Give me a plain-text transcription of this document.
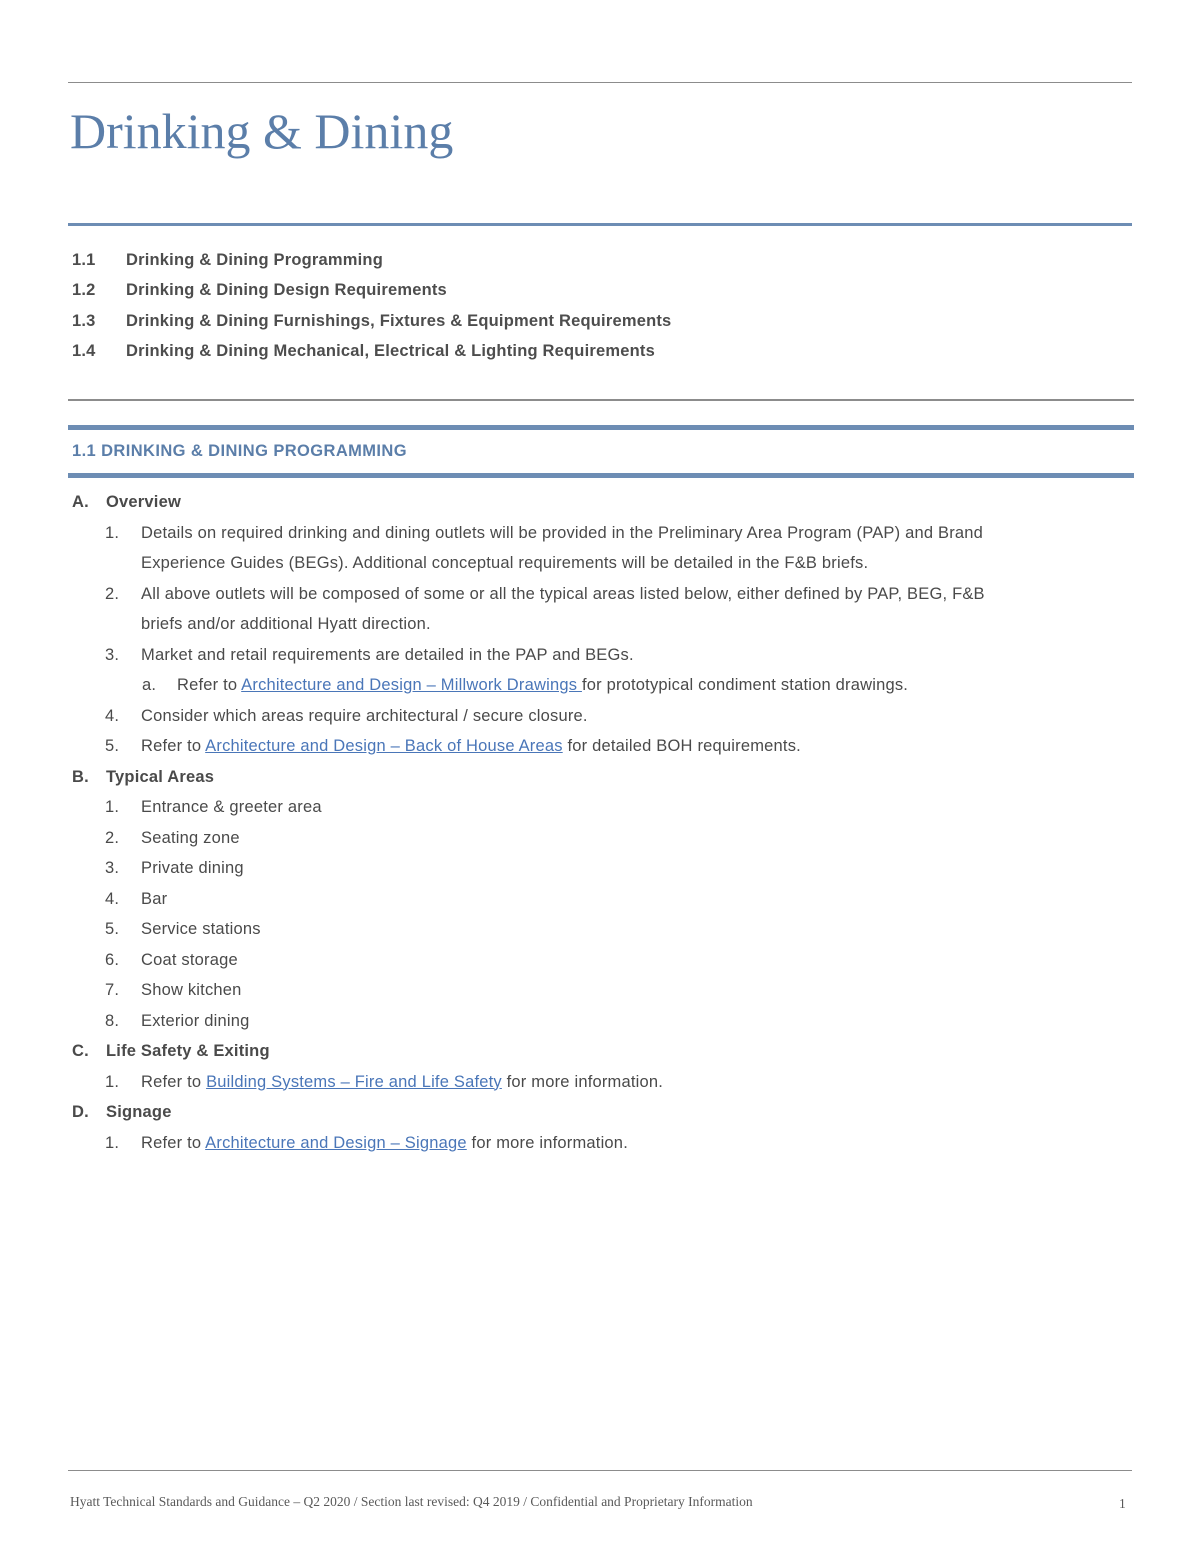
Drinking & Dining
1.1 Drinking & Dining Programming
1.2 Drinking & Dining Design Requirements
1.3 Drinking & Dining Furnishings, Fixtures & Equipment Requirements
1.4 Drinking & Dining Mechanical, Electrical & Lighting Requirements
1.1 DRINKING & DINING PROGRAMMING
A. Overview
1. Details on required drinking and dining outlets will be provided in the Preliminary Area Program (PAP) and Brand
Experience Guides (BEGs). Additional conceptual requirements will be detailed in the F&B briefs.
2. All above outlets will be composed of some or all the typical areas listed below, either defined by PAP, BEG, F&B
briefs and/or additional Hyatt direction.
3. Market and retail requirements are detailed in the PAP and BEGs.
a. Refer to Architecture and Design – Millwork Drawings for prototypical condiment station drawings.
4. Consider which areas require architectural / secure closure.
5. Refer to Architecture and Design – Back of House Areas for detailed BOH requirements.
B. Typical Areas
1. Entrance & greeter area
2. Seating zone
3. Private dining
4. Bar
5. Service stations
6. Coat storage
7. Show kitchen
8. Exterior dining
C. Life Safety & Exiting
1. Refer to Building Systems – Fire and Life Safety for more information.
D. Signage
1. Refer to Architecture and Design – Signage for more information.
Hyatt Technical Standards and Guidance – Q2 2020 / Section last revised: Q4 2019 / Confidential and Proprietary Information	1
